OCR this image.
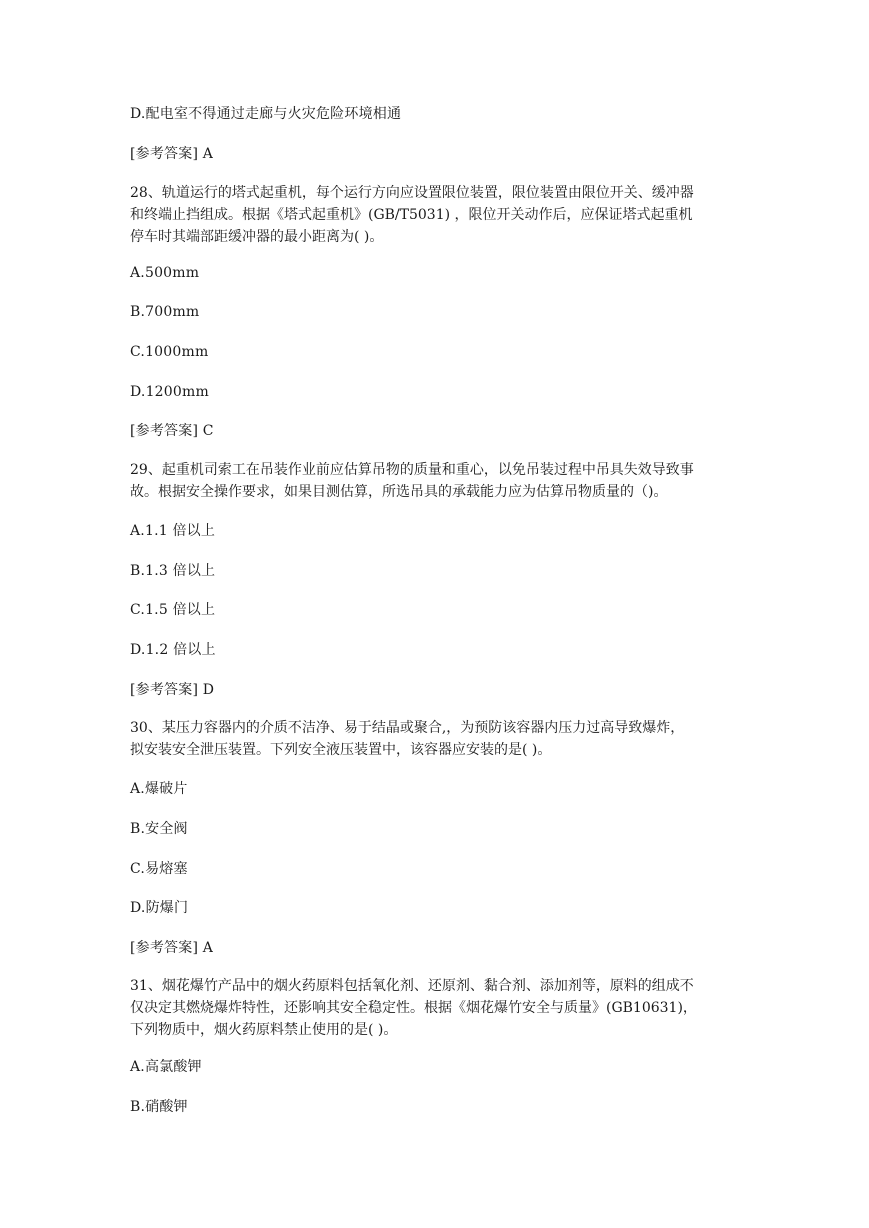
D.配电室不得通过走廊与火灾危险环境相通
[参考答案] A
28、轨道运行的塔式起重机，每个运行方向应设置限位装置，限位装置由限位开关、缓冲器
和终端止挡组成。根据《塔式起重机》(GB/T5031) ，限位开关动作后，应保证塔式起重机
停车时其端部距缓冲器的最小距离为( )。
A.500mm
B.700mm
C.1000mm
D.1200mm
[参考答案] C
29、起重机司索工在吊装作业前应估算吊物的质量和重心，以免吊装过程中吊具失效导致事
故。根据安全操作要求，如果目测估算，所选吊具的承载能力应为估算吊物质量的（)。
A.1.1 倍以上
B.1.3 倍以上
C.1.5 倍以上
D.1.2 倍以上
[参考答案] D
30、某压力容器内的介质不洁净、易于结晶或聚合,，为预防该容器内压力过高导致爆炸，
拟安装安全泄压装置。下列安全液压装置中，该容器应安装的是( )。
A.爆破片
B.安全阀
C.易熔塞
D.防爆门
[参考答案] A
31、烟花爆竹产品中的烟火药原料包括氧化剂、还原剂、黏合剂、添加剂等，原料的组成不
仅决定其燃烧爆炸特性，还影响其安全稳定性。根据《烟花爆竹安全与质量》(GB10631)，
下列物质中，烟火药原料禁止使用的是( )。
A.高氯酸钾
B.硝酸钾
